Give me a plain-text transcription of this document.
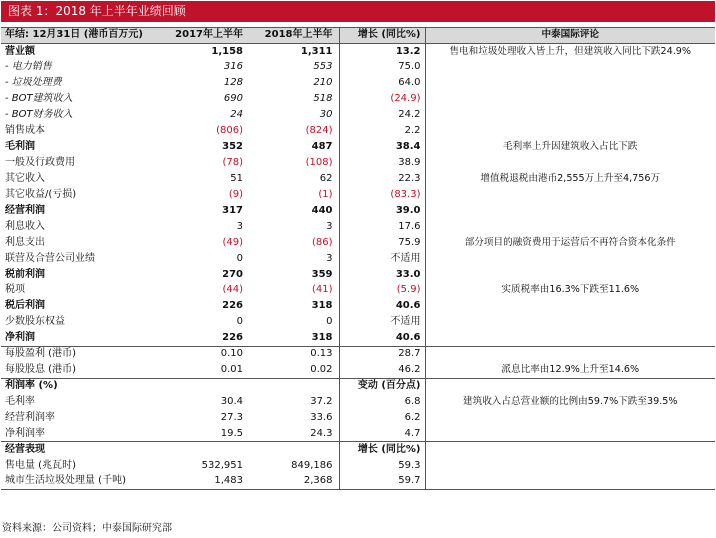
图表 1：2018 年上半年业绩回顾
年结: 12月31日 (港币百万元)	2017年上半年	2018年上半年	增长 (同比%)	中泰国际评论
营业额	1,158	1,311	13.2	售电和垃圾处理收入皆上升，但建筑收入同比下跌24.9%
- 电力销售	316	553	75.0	
- 垃圾处理费	128	210	64.0	
- BOT建筑收入	690	518	(24.9)	
- BOT财务收入	24	30	24.2	
销售成本	(806)	(824)	2.2	
毛利润	352	487	38.4	毛利率上升因建筑收入占比下跌
一般及行政费用	(78)	(108)	38.9	
其它收入	51	62	22.3	增值税退税由港币2,555万上升至4,756万
其它收益/(亏损)	(9)	(1)	(83.3)	
经营利润	317	440	39.0	
利息收入	3	3	17.6	
利息支出	(49)	(86)	75.9	部分项目的融资费用于运营后不再符合资本化条件
联营及合营公司业绩	0	3	不适用	
税前利润	270	359	33.0	
税项	(44)	(41)	(5.9)	实质税率由16.3%下跌至11.6%
税后利润	226	318	40.6	
少数股东权益	0	0	不适用	
净利润	226	318	40.6	
每股盈利 (港币)	0.10	0.13	28.7	
每股股息 (港币)	0.01	0.02	46.2	派息比率由12.9%上升至14.6%
利润率 (%)			变动 (百分点)	
毛利率	30.4	37.2	6.8	建筑收入占总营业额的比例由59.7%下跌至39.5%
经营利润率	27.3	33.6	6.2	
净利润率	19.5	24.3	4.7	
经营表现			增长 (同比%)	
售电量 (兆瓦时)	532,951	849,186	59.3	
城市生活垃圾处理量 (千吨)	1,483	2,368	59.7	
资料来源：公司资料；中泰国际研究部
